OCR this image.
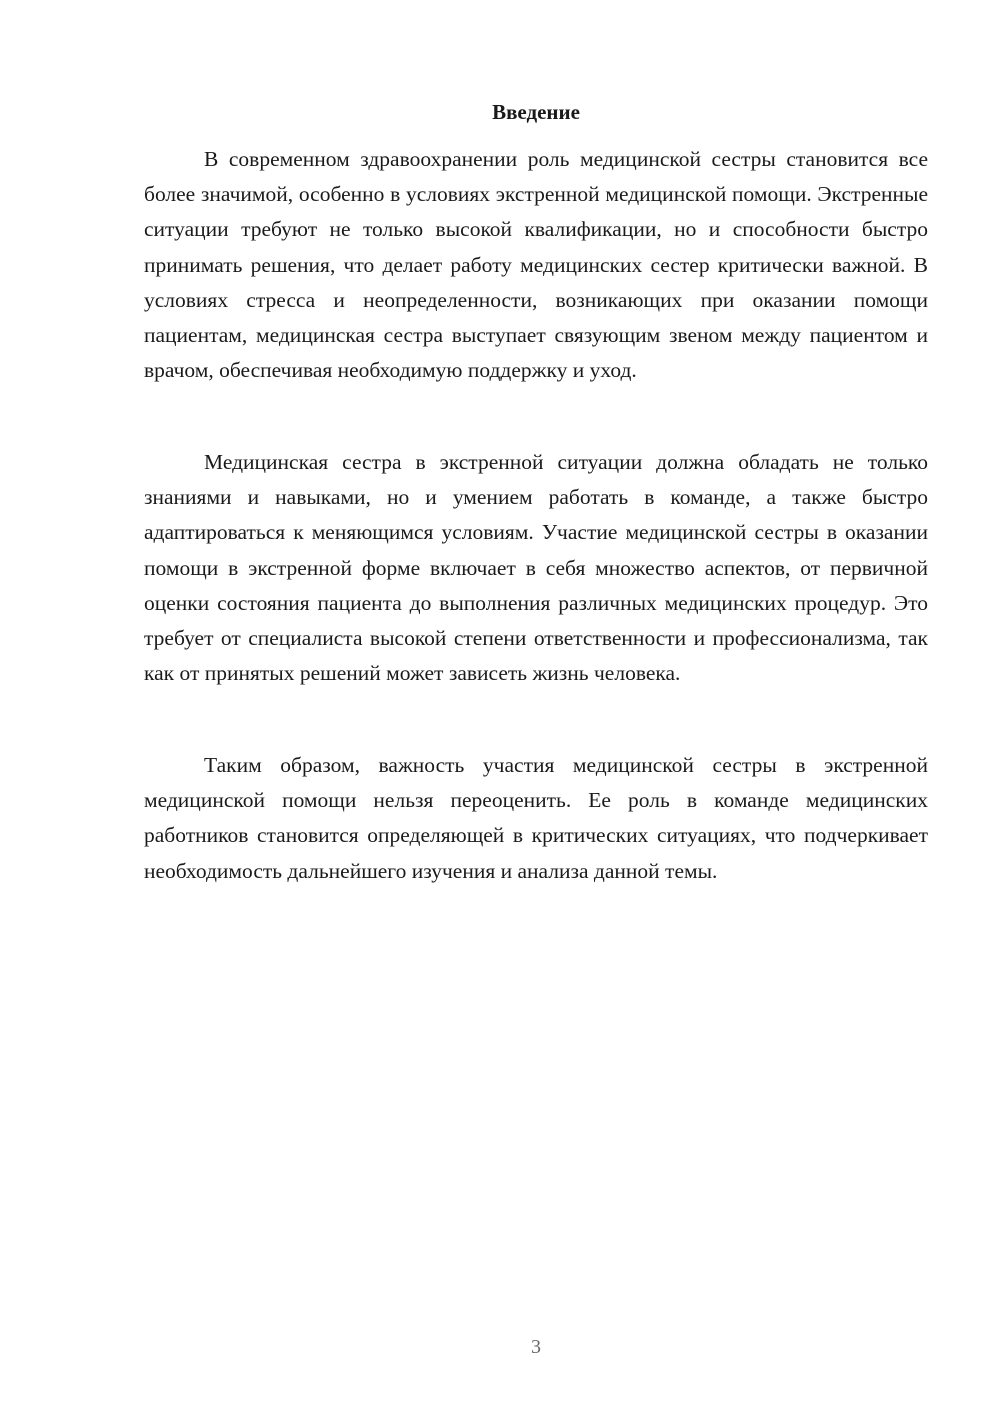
Введение

В современном здравоохранении роль медицинской сестры становится все более значимой, особенно в условиях экстренной медицинской помощи. Экстренные ситуации требуют не только высокой квалификации, но и способности быстро принимать решения, что делает работу медицинских сестер критически важной. В условиях стресса и неопределенности, возникающих при оказании помощи пациентам, медицинская сестра выступает связующим звеном между пациентом и врачом, обеспечивая необходимую поддержку и уход.

Медицинская сестра в экстренной ситуации должна обладать не только знаниями и навыками, но и умением работать в команде, а также быстро адаптироваться к меняющимся условиям. Участие медицинской сестры в оказании помощи в экстренной форме включает в себя множество аспектов, от первичной оценки состояния пациента до выполнения различных медицинских процедур. Это требует от специалиста высокой степени ответственности и профессионализма, так как от принятых решений может зависеть жизнь человека.

Таким образом, важность участия медицинской сестры в экстренной медицинской помощи нельзя переоценить. Ее роль в команде медицинских работников становится определяющей в критических ситуациях, что подчеркивает необходимость дальнейшего изучения и анализа данной темы.

3
